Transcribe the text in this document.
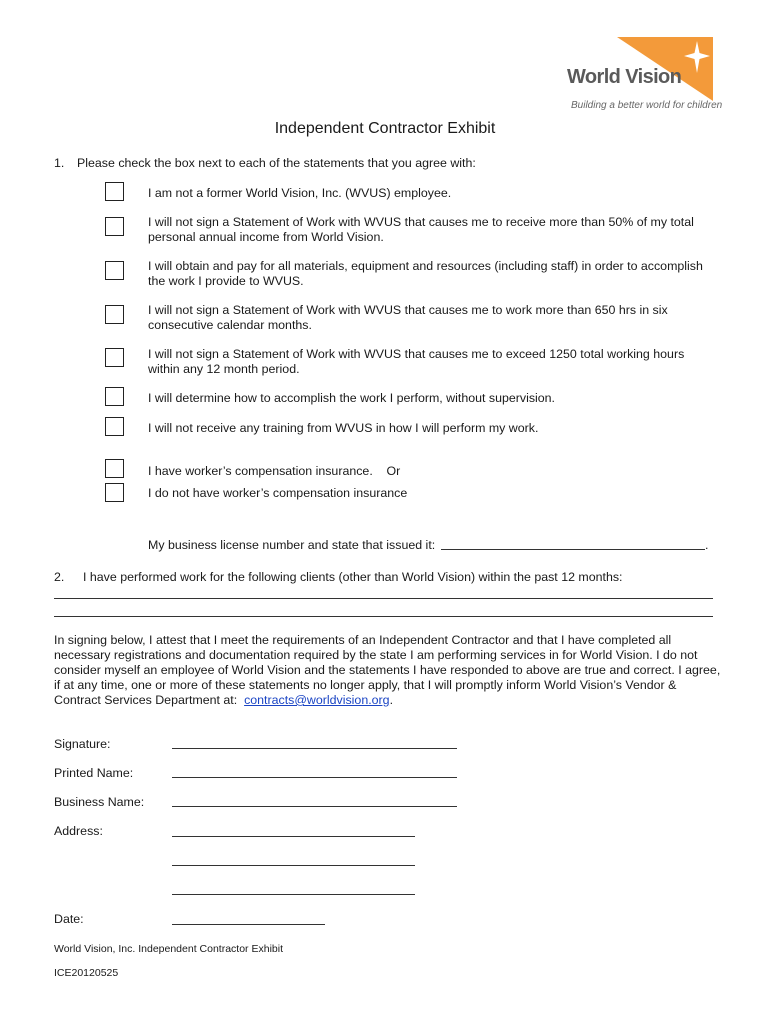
World Vision
Building a better world for children
Independent Contractor Exhibit
1. Please check the box next to each of the statements that you agree with:
I am not a former World Vision, Inc. (WVUS) employee.
I will not sign a Statement of Work with WVUS that causes me to receive more than 50% of my total personal annual income from World Vision.
I will obtain and pay for all materials, equipment and resources (including staff) in order to accomplish the work I provide to WVUS.
I will not sign a Statement of Work with WVUS that causes me to work more than 650 hrs in six consecutive calendar months.
I will not sign a Statement of Work with WVUS that causes me to exceed 1250 total working hours within any 12 month period.
I will determine how to accomplish the work I perform, without supervision.
I will not receive any training from WVUS in how I will perform my work.
I have worker’s compensation insurance.    Or
I do not have worker’s compensation insurance
My business license number and state that issued it:	.
2. I have performed work for the following clients (other than World Vision) within the past 12 months:
In signing below, I attest that I meet the requirements of an Independent Contractor and that I have completed all necessary registrations and documentation required by the state I am performing services in for World Vision. I do not consider myself an employee of World Vision and the statements I have responded to above are true and correct. I agree, if at any time, one or more of these statements no longer apply, that I will promptly inform World Vision’s Vendor & Contract Services Department at: contracts@worldvision.org.
Signature:
Printed Name:
Business Name:
Address:
Date:
World Vision, Inc. Independent Contractor Exhibit
ICE20120525
